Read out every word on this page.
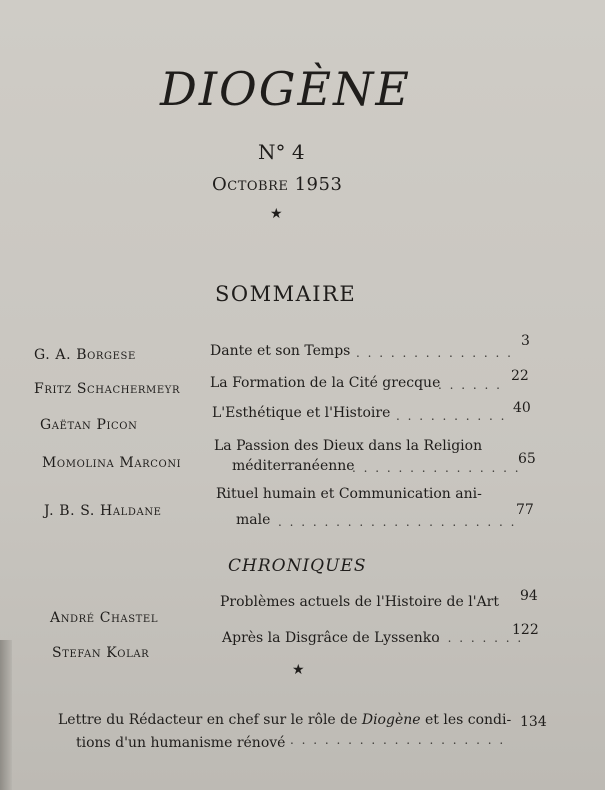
DIOGÈNE
N° 4
Octobre 1953
★
SOMMAIRE
G. A. Borgese	Dante et son Temps . . . . . . . . . . . . . .
3
Fritz Schachermeyr La Formation de la Cité grecque
. . . . . .
22
Gaëtan Picon
L'Esthétique et l'Histoire . . . . . . . . . . 40
Momolina Marconi
La Passion des Dieux dans la Religion
méditerranéenne
. . . . . . . . . . . . . . .
65
J. B. S. Haldane
Rituel humain et Communication ani-
male . . . . . . . . . . . . . . . . . . . . .
77
CHRONIQUES
André Chastel
Problèmes actuels de l'Histoire de l'Art 94
Stefan Kolar
Après la Disgrâce de Lyssenko
. . . . . . . .
122
★
Lettre du Rédacteur en chef sur le rôle de Diogène et les condi-
tions d'un humanisme rénové . . . . . . . . . . . . . . . . . . .
134
